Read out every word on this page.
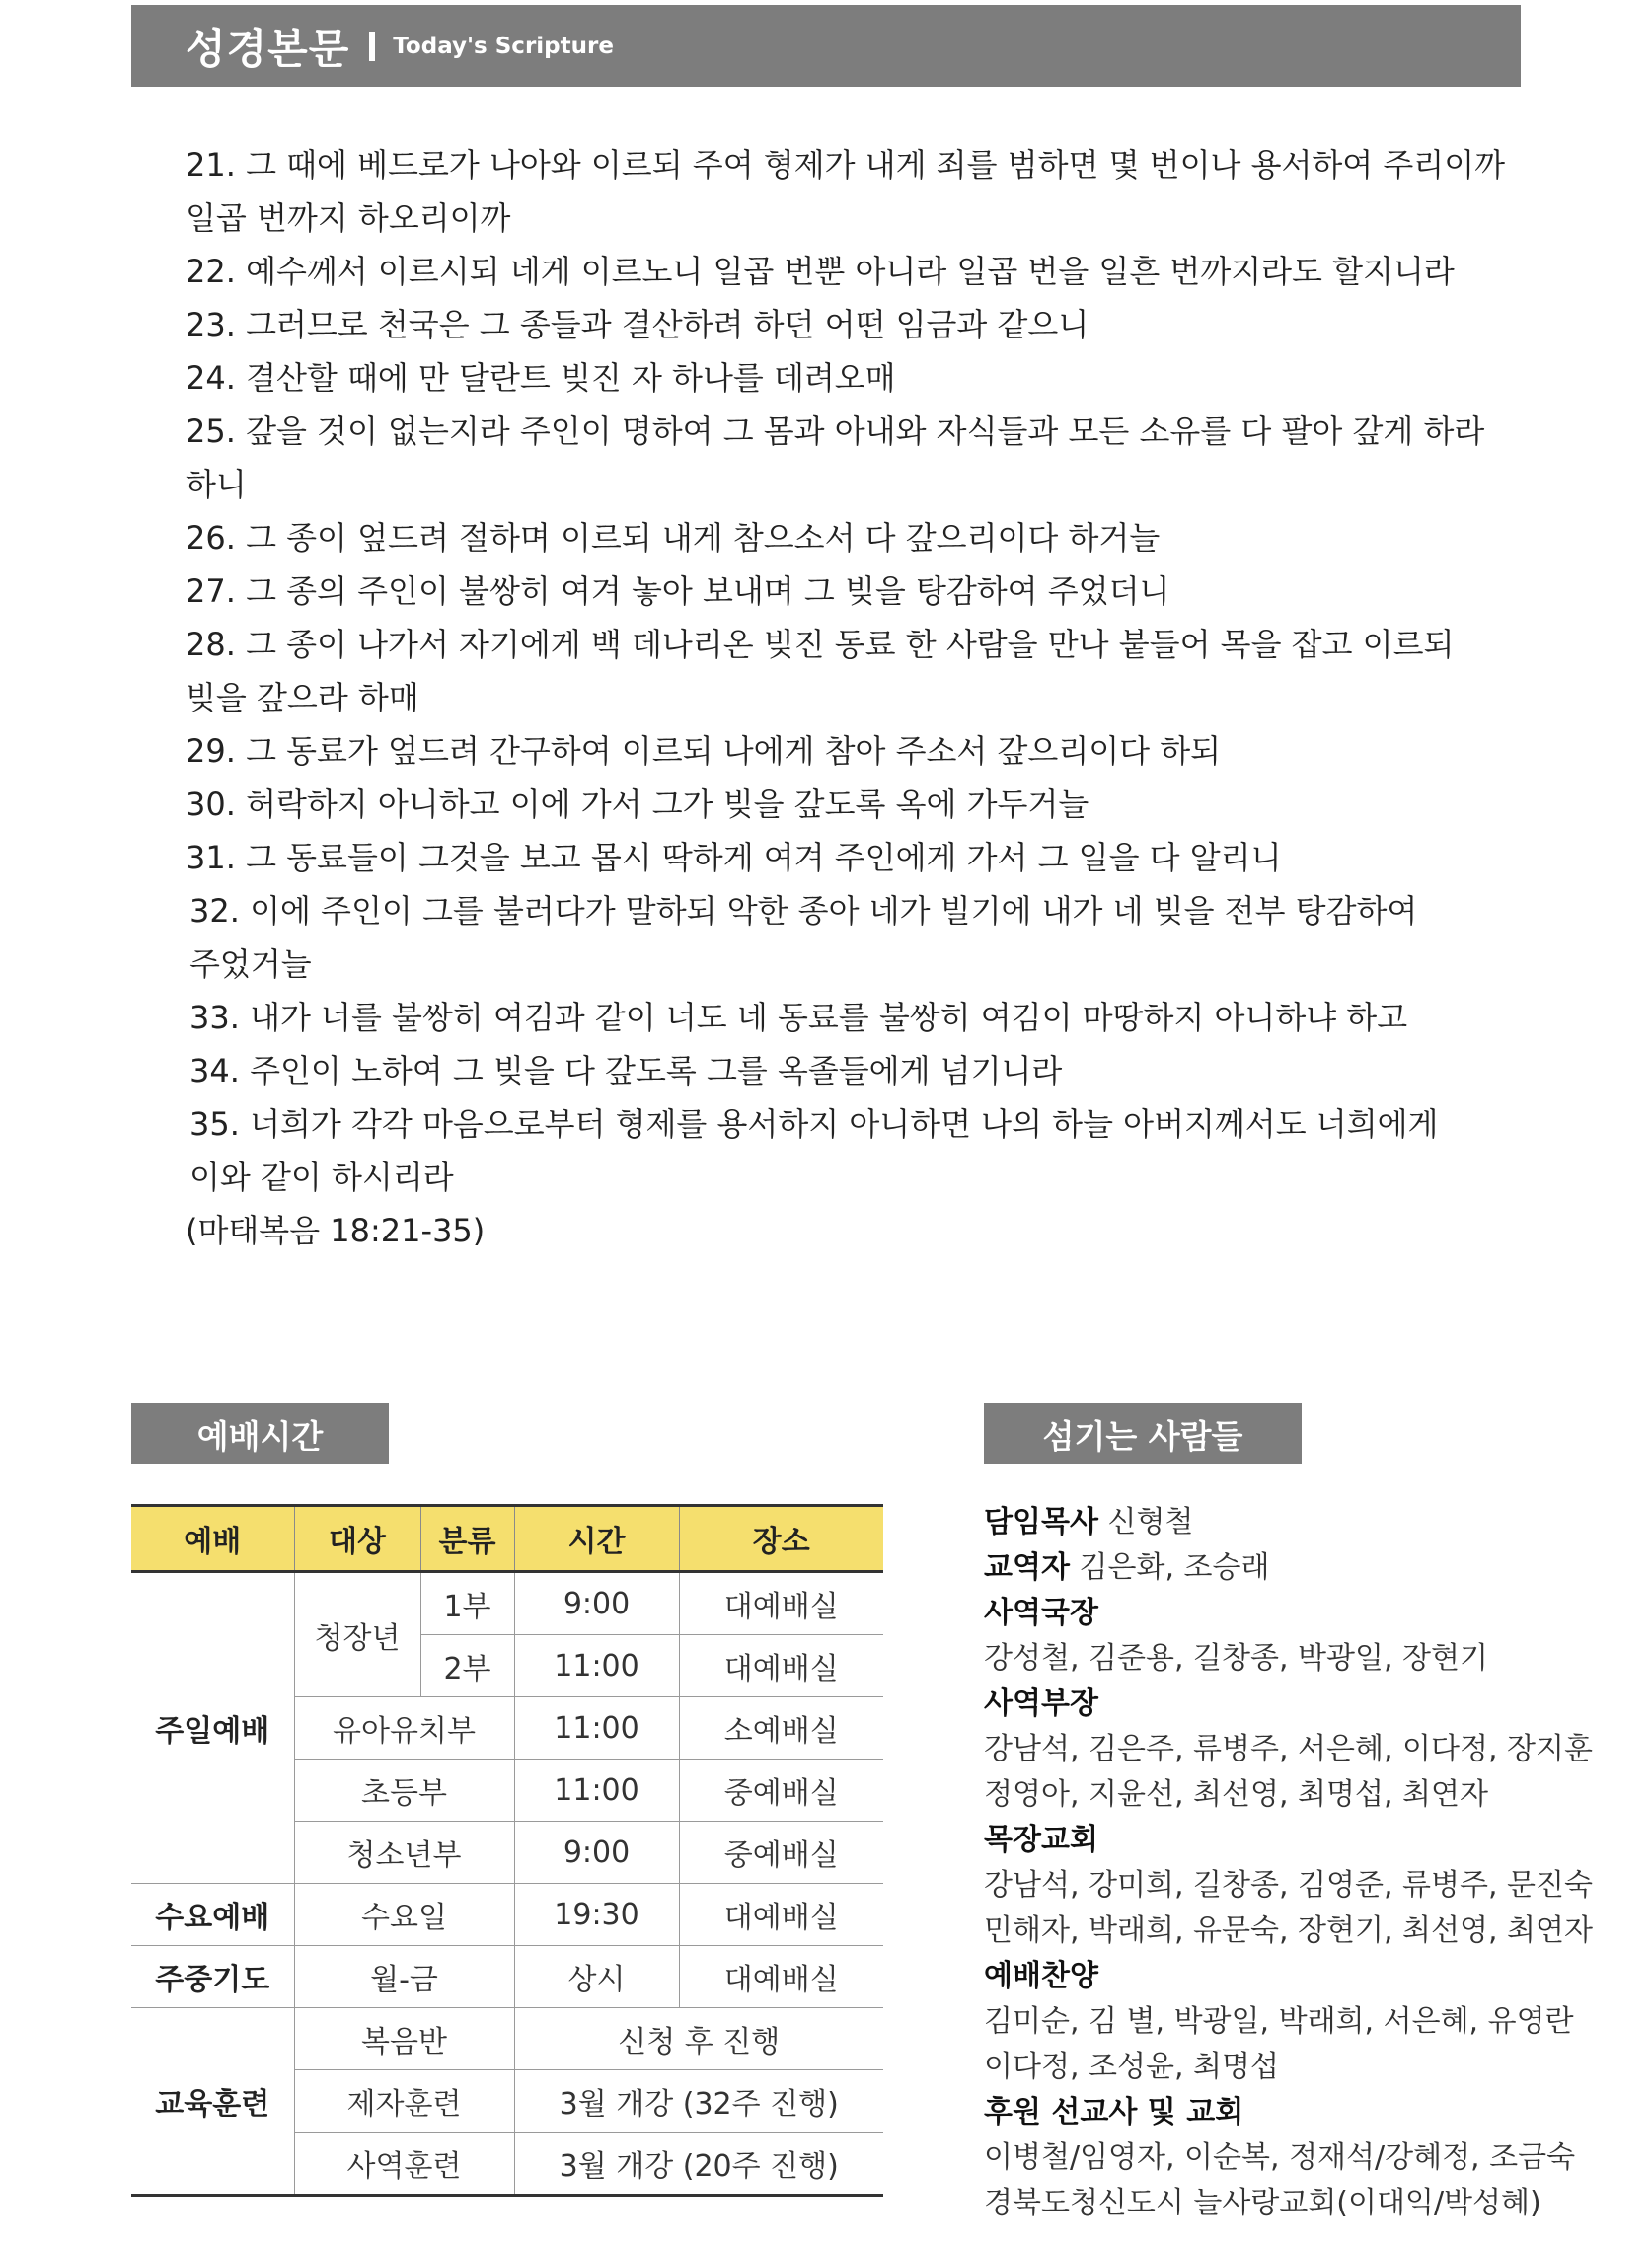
성경본문 Today's Scripture
21. 그 때에 베드로가 나아와 이르되 주여 형제가 내게 죄를 범하면 몇 번이나 용서하여 주리이까
일곱 번까지 하오리이까
22. 예수께서 이르시되 네게 이르노니 일곱 번뿐 아니라 일곱 번을 일흔 번까지라도 할지니라
23. 그러므로 천국은 그 종들과 결산하려 하던 어떤 임금과 같으니
24. 결산할 때에 만 달란트 빚진 자 하나를 데려오매
25. 갚을 것이 없는지라 주인이 명하여 그 몸과 아내와 자식들과 모든 소유를 다 팔아 갚게 하라
하니
26. 그 종이 엎드려 절하며 이르되 내게 참으소서 다 갚으리이다 하거늘
27. 그 종의 주인이 불쌍히 여겨 놓아 보내며 그 빚을 탕감하여 주었더니
28. 그 종이 나가서 자기에게 백 데나리온 빚진 동료 한 사람을 만나 붙들어 목을 잡고 이르되
빚을 갚으라 하매
29. 그 동료가 엎드려 간구하여 이르되 나에게 참아 주소서 갚으리이다 하되
30. 허락하지 아니하고 이에 가서 그가 빚을 갚도록 옥에 가두거늘
31. 그 동료들이 그것을 보고 몹시 딱하게 여겨 주인에게 가서 그 일을 다 알리니
32. 이에 주인이 그를 불러다가 말하되 악한 종아 네가 빌기에 내가 네 빚을 전부 탕감하여
주었거늘
33. 내가 너를 불쌍히 여김과 같이 너도 네 동료를 불쌍히 여김이 마땅하지 아니하냐 하고
34. 주인이 노하여 그 빚을 다 갚도록 그를 옥졸들에게 넘기니라
35. 너희가 각각 마음으로부터 형제를 용서하지 아니하면 나의 하늘 아버지께서도 너희에게
이와 같이 하시리라
(마태복음 18:21-35)
예배시간	섬기는 사람들
예배	대상	분류	시간	장소
주일예배	청장년	1부	9:00	대예배실
		2부	11:00	대예배실
	유아유치부		11:00	소예배실
	초등부		11:00	중예배실
	청소년부		9:00	중예배실
수요예배	수요일		19:30	대예배실
주중기도	월-금		상시	대예배실
교육훈련	복음반		신청 후 진행	
	제자훈련		3월 개강 (32주 진행)	
	사역훈련		3월 개강 (20주 진행)	
담임목사 신형철
교역자 김은화, 조승래
사역국장
강성철, 김준용, 길창종, 박광일, 장현기
사역부장
강남석, 김은주, 류병주, 서은혜, 이다정, 장지훈
정영아, 지윤선, 최선영, 최명섭, 최연자
목장교회
강남석, 강미희, 길창종, 김영준, 류병주, 문진숙
민해자, 박래희, 유문숙, 장현기, 최선영, 최연자
예배찬양
김미순, 김 별, 박광일, 박래희, 서은혜, 유영란
이다정, 조성윤, 최명섭
후원 선교사 및 교회
이병철/임영자, 이순복, 정재석/강혜정, 조금숙
경북도청신도시 늘사랑교회(이대익/박성혜)
